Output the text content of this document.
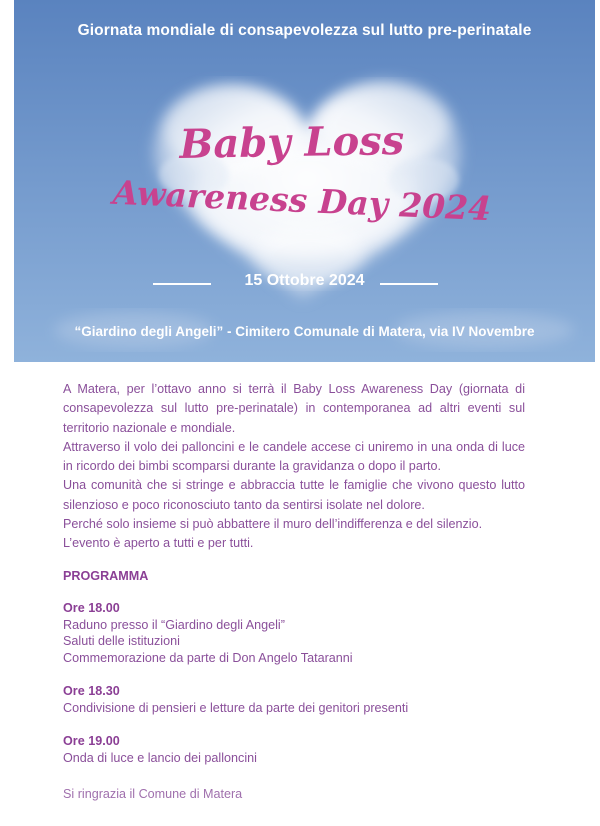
Giornata mondiale di consapevolezza sul lutto pre-perinatale
Baby Loss
Awareness Day 2024
15 Ottobre 2024
“Giardino degli Angeli” - Cimitero Comunale di Matera, via IV Novembre

A Matera, per l’ottavo anno si terrà il Baby Loss Awareness Day (giornata di consapevolezza sul lutto pre-perinatale) in contemporanea ad altri eventi sul territorio nazionale e mondiale.

Attraverso il volo dei palloncini e le candele accese ci uniremo in una onda di luce in ricordo dei bimbi scomparsi durante la gravidanza o dopo il parto.

Una comunità che si stringe e abbraccia tutte le famiglie che vivono questo lutto silenzioso e poco riconosciuto tanto da sentirsi isolate nel dolore.

Perché solo insieme si può abbattere il muro dell’indifferenza e del silenzio.

L’evento è aperto a tutti e per tutti.

PROGRAMMA
Ore 18.00
Raduno presso il “Giardino degli Angeli”
Saluti delle istituzioni
Commemorazione da parte di Don Angelo Tataranni
Ore 18.30
Condivisione di pensieri e letture da parte dei genitori presenti
Ore 19.00
Onda di luce e lancio dei palloncini
Si ringrazia il Comune di Matera
